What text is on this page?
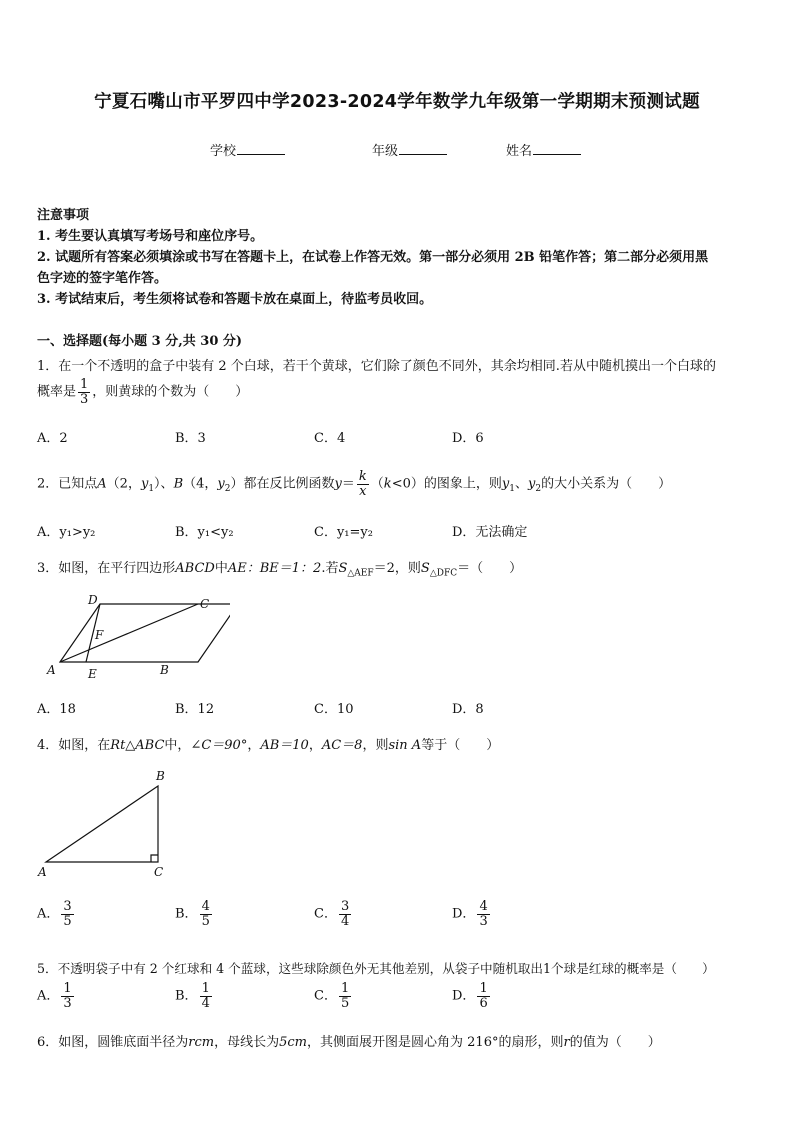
宁夏石嘴山市平罗四中学2023-2024学年数学九年级第一学期期末预测试题
学校	年级	姓名
注意事项
1. 考生要认真填写考场号和座位序号。
2. 试题所有答案必须填涂或书写在答题卡上，在试卷上作答无效。第一部分必须用 2B 铅笔作答；第二部分必须用黑
色字迹的签字笔作答。
3. 考试结束后，考生须将试卷和答题卡放在桌面上，待监考员收回。
一、选择题(每小题 3 分,共 30 分)
1．在一个不透明的盒子中装有 2 个白球，若干个黄球，它们除了颜色不同外，其余均相同.若从中随机摸出一个白球的
概率是 $\frac{1}{3}$ ，则黄球的个数为（　　）
A．2	B．3	C．4	D．6
2．已知点A（2，$y_1$）、B（4，$y_2$）都在反比例函数$y= \frac{k}{x} (k<0)$的图象上，则$y_1$、$y_2$的大小关系为（　　）
A．y₁>y₂	B．y₁<y₂	C．y₁=y₂	D．无法确定
3．如图，在平行四边形ABCD中AE：BE＝1：2.若$S_{\triangle AEF}=2$，则$S_{\triangle DFC}=$（　　）
D	C
F
A	E	B
A．18	B．12	C．10	D．8
4．如图，在Rt△ABC中，∠C＝90°，AB＝10，AC＝8，则sin A等于（　　）
B
A	C
A． $\frac{3}{5}$	B． $\frac{4}{5}$	C． $\frac{3}{4}$	D． $\frac{4}{3}$
5．不透明袋子中有 2 个红球和 4 个蓝球，这些球除颜色外无其他差别，从袋子中随机取出1个球是红球的概率是（　　）
A． $\frac{1}{3}$	B． $\frac{1}{4}$	C． $\frac{1}{5}$	D． $\frac{1}{6}$
6．如图，圆锥底面半径为rcm，母线长为5cm，其侧面展开图是圆心角为 216°的扇形，则r的值为（　　）
